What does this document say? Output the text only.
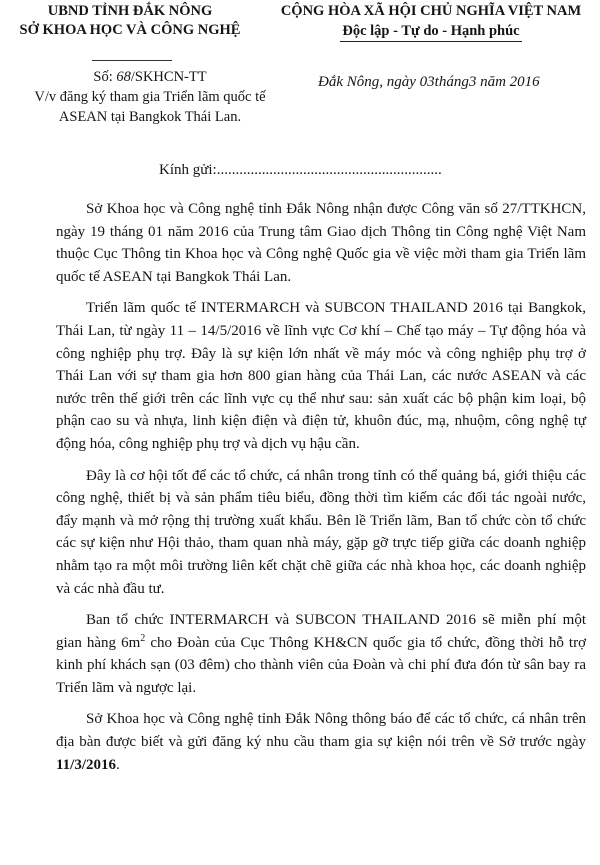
UBND TỈNH ĐẮK NÔNG
SỞ KHOA HỌC VÀ CÔNG NGHỆ
CỘNG HÒA XÃ HỘI CHỦ NGHĨA VIỆT NAM
Độc lập - Tự do - Hạnh phúc
Số: 68/SKHCN-TT
V/v đăng ký tham gia Triển lãm quốc tế
ASEAN tại Bangkok Thái Lan.
Đắk Nông, ngày 03tháng3 năm 2016
Kính gửi:............................................................

Sở Khoa học và Công nghệ tỉnh Đắk Nông nhận được Công văn số 27/TTKHCN, ngày 19 tháng 01 năm 2016 của Trung tâm Giao dịch Thông tin Công nghệ Việt Nam thuộc Cục Thông tin Khoa học và Công nghệ Quốc gia về việc mời tham gia Triển lãm quốc tế ASEAN tại Bangkok Thái Lan.

Triển lãm quốc tế INTERMARCH và SUBCON THAILAND 2016 tại Bangkok, Thái Lan, từ ngày 11 – 14/5/2016 về lĩnh vực Cơ khí – Chế tạo máy – Tự động hóa và công nghiệp phụ trợ. Đây là sự kiện lớn nhất về máy móc và công nghiệp phụ trợ ở Thái Lan với sự tham gia hơn 800 gian hàng của Thái Lan, các nước ASEAN và các nước trên thế giới trên các lĩnh vực cụ thể như sau: sản xuất các bộ phận kim loại, bộ phận cao su và nhựa, linh kiện điện và điện tử, khuôn đúc, mạ, nhuộm, công nghệ tự động hóa, công nghiệp phụ trợ và dịch vụ hậu cần.

Đây là cơ hội tốt để các tổ chức, cá nhân trong tỉnh có thể quảng bá, giới thiệu các công nghệ, thiết bị và sản phẩm tiêu biểu, đồng thời tìm kiếm các đối tác ngoài nước, đẩy mạnh và mở rộng thị trường xuất khẩu. Bên lề Triển lãm, Ban tổ chức còn tổ chức các sự kiện như Hội thảo, tham quan nhà máy, gặp gỡ trực tiếp giữa các doanh nghiệp nhằm tạo ra một môi trường liên kết chặt chẽ giữa các nhà khoa học, các doanh nghiệp và các nhà đầu tư.

Ban tổ chức INTERMARCH và SUBCON THAILAND 2016 sẽ miễn phí một gian hàng $6m^2$ cho Đoàn của Cục Thông KH&CN quốc gia tổ chức, đồng thời hỗ trợ kinh phí khách sạn (03 đêm) cho thành viên của Đoàn và chi phí đưa đón từ sân bay ra Triển lãm và ngược lại.

Sở Khoa học và Công nghệ tỉnh Đắk Nông thông báo để các tổ chức, cá nhân trên địa bàn được biết và gửi đăng ký nhu cầu tham gia sự kiện nói trên về Sở trước ngày 11/3/2016.
